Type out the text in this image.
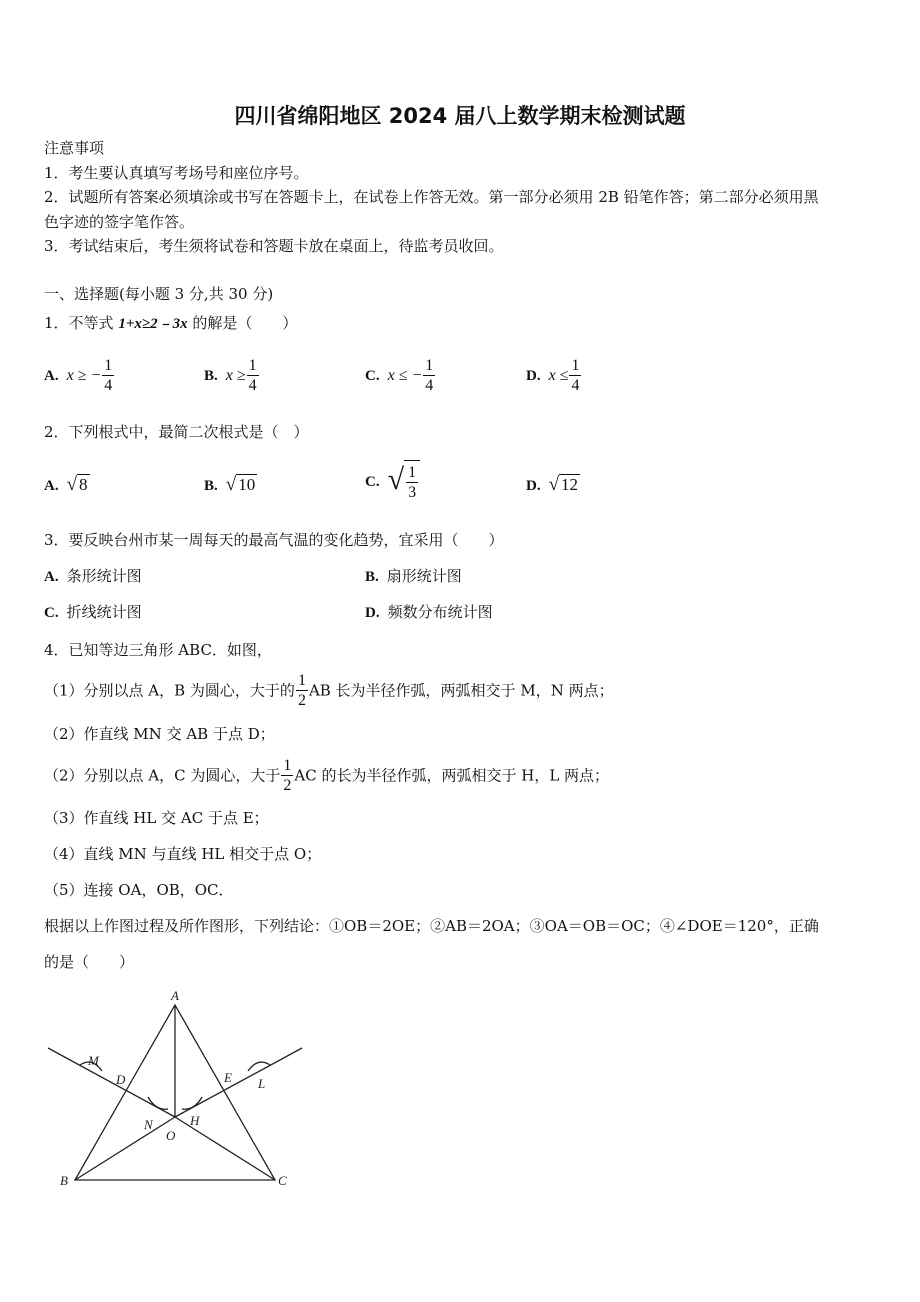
四川省绵阳地区 2024 届八上数学期末检测试题
注意事项
1．考生要认真填写考场号和座位序号。
2．试题所有答案必须填涂或书写在答题卡上，在试卷上作答无效。第一部分必须用 2B 铅笔作答；第二部分必须用黑
色字迹的签字笔作答。
3．考试结束后，考生须将试卷和答题卡放在桌面上，待监考员收回。
一、选择题(每小题 3 分,共 30 分)
1．不等式 1+x≥2﹣3x 的解是（　　）
A. x ≥ − $\frac{1}{4}$	B. $x \ge \frac{1}{4}$	C. x ≤ − $\frac{1}{4}$	D. $x \le \frac{1}{4}$
2．下列根式中，最简二次根式是（　）
A. √ 8	B. √ 10	C. √ $\frac{1}{3}$	D. √ 12
3．要反映台州市某一周每天的最高气温的变化趋势，宜采用（　　）
A. 条形统计图	B. 扇形统计图
C. 折线统计图	D. 频数分布统计图
4．已知等边三角形 ABC．如图，
（1）分别以点 A，B 为圆心，大于的 $\frac{1}{2}$ AB 长为半径作弧，两弧相交于 M，N 两点；
（2）作直线 MN 交 AB 于点 D；
（2）分别以点 A，C 为圆心，大于 $\frac{1}{2}$ AC 的长为半径作弧，两弧相交于 H，L 两点；
（3）作直线 HL 交 AC 于点 E；
（4）直线 MN 与直线 HL 相交于点 O；
（5）连接 OA，OB，OC．
根据以上作图过程及所作图形，下列结论：①OB＝2OE；②AB＝2OA；③OA＝OB＝OC；④∠DOE＝120°，正确
的是（　　）
A
B	C
D	E
M
N	H
L
O
